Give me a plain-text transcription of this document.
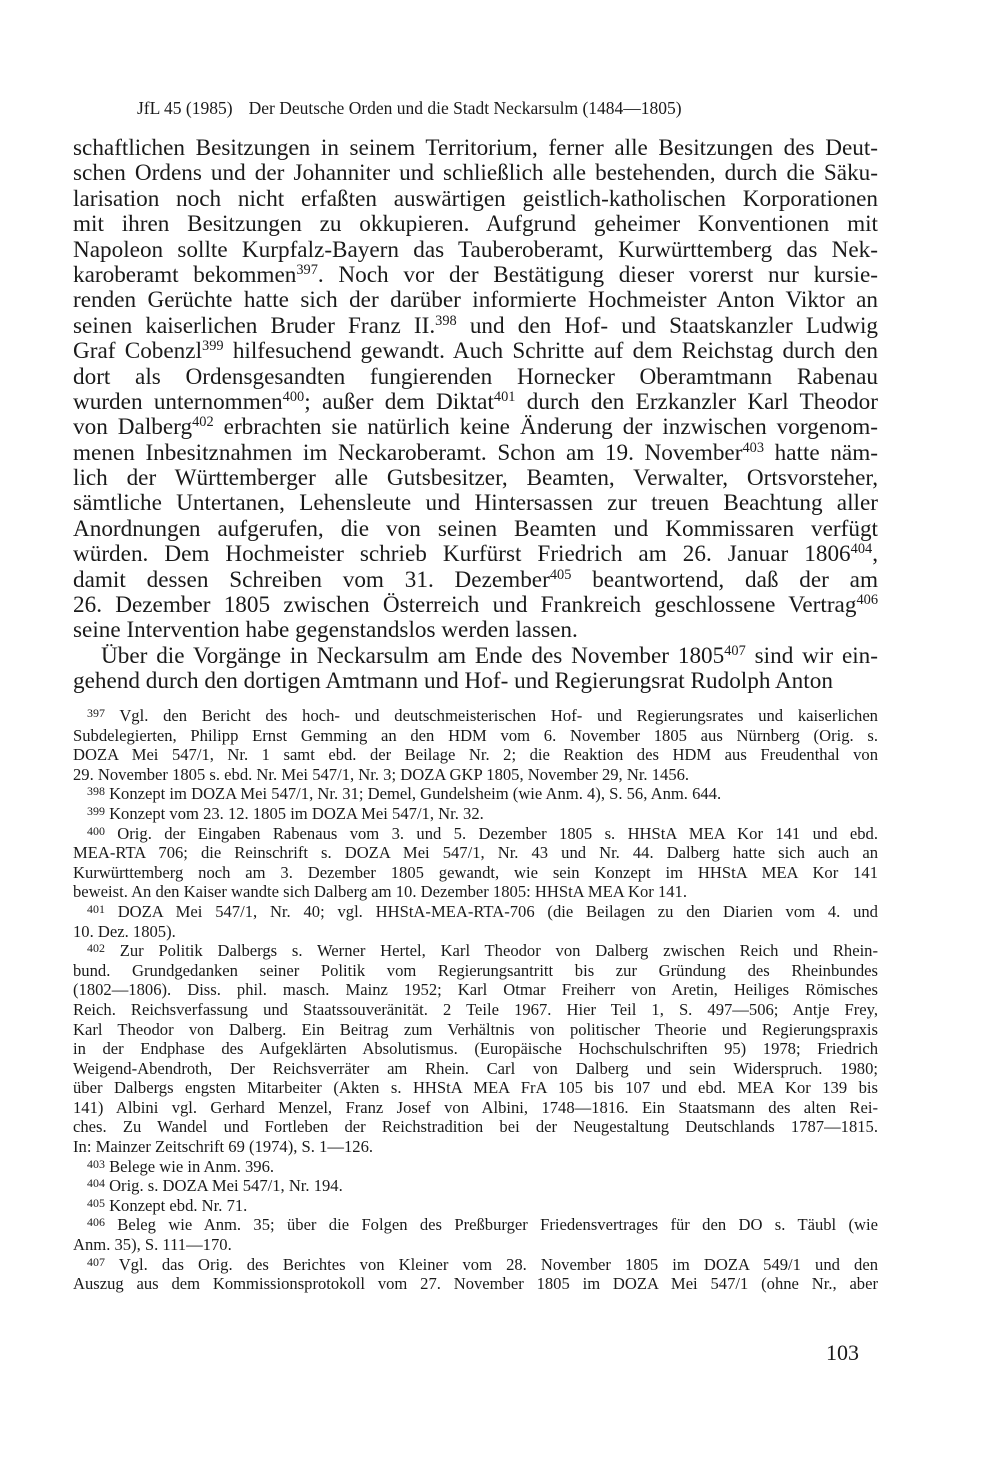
JfL 45 (1985) Der Deutsche Orden und die Stadt Neckarsulm (1484—1805)
schaftlichen Besitzungen in seinem Territorium, ferner alle Besitzungen des Deut-
schen Ordens und der Johanniter und schließlich alle bestehenden, durch die Säku-
larisation noch nicht erfaßten auswärtigen geistlich-katholischen Korporationen
mit ihren Besitzungen zu okkupieren. Aufgrund geheimer Konventionen mit
Napoleon sollte Kurpfalz-Bayern das Tauberoberamt, Kurwürttemberg das Nek-
karoberamt bekommen$^{397}$. Noch vor der Bestätigung dieser vorerst nur kursie-
renden Gerüchte hatte sich der darüber informierte Hochmeister Anton Viktor an
seinen kaiserlichen Bruder Franz II.$^{398}$ und den Hof- und Staatskanzler Ludwig
Graf Cobenzl$^{399}$ hilfesuchend gewandt. Auch Schritte auf dem Reichstag durch den
dort als Ordensgesandten fungierenden Hornecker Oberamtmann Rabenau
wurden unternommen$^{400}$; außer dem Diktat$^{401}$ durch den Erzkanzler Karl Theodor
von Dalberg$^{402}$ erbrachten sie natürlich keine Änderung der inzwischen vorgenom-
menen Inbesitznahmen im Neckaroberamt. Schon am 19. November$^{403}$ hatte näm-
lich der Württemberger alle Gutsbesitzer, Beamten, Verwalter, Ortsvorsteher,
sämtliche Untertanen, Lehensleute und Hintersassen zur treuen Beachtung aller
Anordnungen aufgerufen, die von seinen Beamten und Kommissaren verfügt
würden. Dem Hochmeister schrieb Kurfürst Friedrich am 26. Januar 1806$^{404}$,
damit dessen Schreiben vom 31. Dezember$^{405}$ beantwortend, daß der am
26. Dezember 1805 zwischen Österreich und Frankreich geschlossene Vertrag$^{406}$
seine Intervention habe gegenstandslos werden lassen.
Über die Vorgänge in Neckarsulm am Ende des November 1805$^{407}$ sind wir ein-
gehend durch den dortigen Amtmann und Hof- und Regierungsrat Rudolph Anton
$^{397}$ Vgl. den Bericht des hoch- und deutschmeisterischen Hof- und Regierungsrates und kaiserlichen
Subdelegierten, Philipp Ernst Gemming an den HDM vom 6. November 1805 aus Nürnberg (Orig. s.
DOZA Mei 547/1, Nr. 1 samt ebd. der Beilage Nr. 2; die Reaktion des HDM aus Freudenthal von
29. November 1805 s. ebd. Nr. Mei 547/1, Nr. 3; DOZA GKP 1805, November 29, Nr. 1456.
$^{398}$ Konzept im DOZA Mei 547/1, Nr. 31; Demel, Gundelsheim (wie Anm. 4), S. 56, Anm. 644.
$^{399}$ Konzept vom 23. 12. 1805 im DOZA Mei 547/1, Nr. 32.
$^{400}$ Orig. der Eingaben Rabenaus vom 3. und 5. Dezember 1805 s. HHStA MEA Kor 141 und ebd.
MEA-RTA 706; die Reinschrift s. DOZA Mei 547/1, Nr. 43 und Nr. 44. Dalberg hatte sich auch an
Kurwürttemberg noch am 3. Dezember 1805 gewandt, wie sein Konzept im HHStA MEA Kor 141
beweist. An den Kaiser wandte sich Dalberg am 10. Dezember 1805: HHStA MEA Kor 141.
$^{401}$ DOZA Mei 547/1, Nr. 40; vgl. HHStA-MEA-RTA-706 (die Beilagen zu den Diarien vom 4. und
10. Dez. 1805).
$^{402}$ Zur Politik Dalbergs s. Werner Hertel, Karl Theodor von Dalberg zwischen Reich und Rhein-
bund. Grundgedanken seiner Politik vom Regierungsantritt bis zur Gründung des Rheinbundes
(1802—1806). Diss. phil. masch. Mainz 1952; Karl Otmar Freiherr von Aretin, Heiliges Römisches
Reich. Reichsverfassung und Staatssouveränität. 2 Teile 1967. Hier Teil 1, S. 497—506; Antje Frey,
Karl Theodor von Dalberg. Ein Beitrag zum Verhältnis von politischer Theorie und Regierungspraxis
in der Endphase des Aufgeklärten Absolutismus. (Europäische Hochschulschriften 95) 1978; Friedrich
Weigend-Abendroth, Der Reichsverräter am Rhein. Carl von Dalberg und sein Widerspruch. 1980;
über Dalbergs engsten Mitarbeiter (Akten s. HHStA MEA FrA 105 bis 107 und ebd. MEA Kor 139 bis
141) Albini vgl. Gerhard Menzel, Franz Josef von Albini, 1748—1816. Ein Staatsmann des alten Rei-
ches. Zu Wandel und Fortleben der Reichstradition bei der Neugestaltung Deutschlands 1787—1815.
In: Mainzer Zeitschrift 69 (1974), S. 1—126.
$^{403}$ Belege wie in Anm. 396.
$^{404}$ Orig. s. DOZA Mei 547/1, Nr. 194.
$^{405}$ Konzept ebd. Nr. 71.
$^{406}$ Beleg wie Anm. 35; über die Folgen des Preßburger Friedensvertrages für den DO s. Täubl (wie
Anm. 35), S. 111—170.
$^{407}$ Vgl. das Orig. des Berichtes von Kleiner vom 28. November 1805 im DOZA 549/1 und den
Auszug aus dem Kommissionsprotokoll vom 27. November 1805 im DOZA Mei 547/1 (ohne Nr., aber
103
